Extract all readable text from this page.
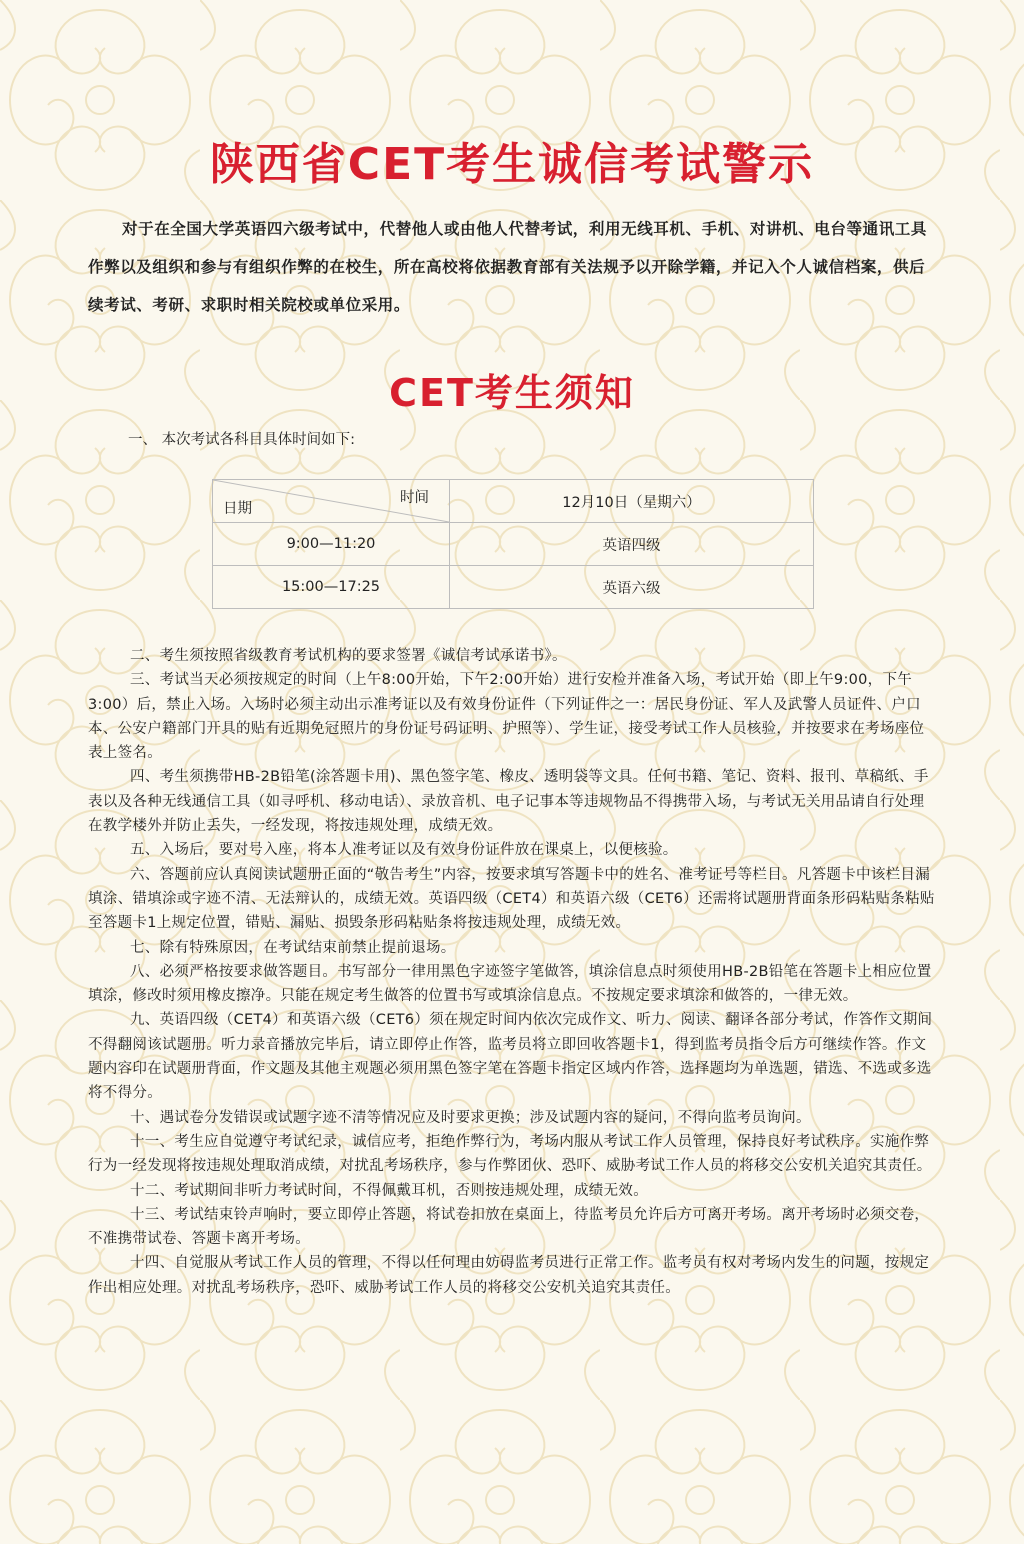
陕西省CET考生诚信考试警示

对于在全国大学英语四六级考试中，代替他人或由他人代替考试，利用无线耳机、手机、对讲机、电台等通讯工具作弊以及组织和参与有组织作弊的在校生，所在高校将依据教育部有关法规予以开除学籍，并记入个人诚信档案，供后续考试、考研、求职时相关院校或单位采用。

CET考生须知
一、 本次考试各科目具体时间如下:
时间
日期	12月10日（星期六）
9:00—11:20	英语四级
15:00—17:25	英语六级

二、考生须按照省级教育考试机构的要求签署《诚信考试承诺书》。

三、考试当天必须按规定的时间（上午8:00开始，下午2:00开始）进行安检并准备入场，考试开始（即上午9:00，下午3:00）后，禁止入场。入场时必须主动出示准考证以及有效身份证件（下列证件之一：居民身份证、军人及武警人员证件、户口本、公安户籍部门开具的贴有近期免冠照片的身份证号码证明、护照等）、学生证，接受考试工作人员核验，并按要求在考场座位表上签名。

四、考生须携带HB-2B铅笔(涂答题卡用)、黑色签字笔、橡皮、透明袋等文具。任何书籍、笔记、资料、报刊、草稿纸、手表以及各种无线通信工具（如寻呼机、移动电话）、录放音机、电子记事本等违规物品不得携带入场，与考试无关用品请自行处理在教学楼外并防止丢失，一经发现，将按违规处理，成绩无效。

五、入场后，要对号入座，将本人准考证以及有效身份证件放在课桌上，以便核验。

六、答题前应认真阅读试题册正面的“敬告考生”内容，按要求填写答题卡中的姓名、准考证号等栏目。凡答题卡中该栏目漏填涂、错填涂或字迹不清、无法辩认的，成绩无效。英语四级（CET4）和英语六级（CET6）还需将试题册背面条形码粘贴条粘贴至答题卡1上规定位置，错贴、漏贴、损毁条形码粘贴条将按违规处理，成绩无效。

七、除有特殊原因，在考试结束前禁止提前退场。

八、必须严格按要求做答题目。书写部分一律用黑色字迹签字笔做答，填涂信息点时须使用HB-2B铅笔在答题卡上相应位置填涂，修改时须用橡皮擦净。只能在规定考生做答的位置书写或填涂信息点。不按规定要求填涂和做答的，一律无效。

九、英语四级（CET4）和英语六级（CET6）须在规定时间内依次完成作文、听力、阅读、翻译各部分考试，作答作文期间不得翻阅该试题册。听力录音播放完毕后，请立即停止作答，监考员将立即回收答题卡1，得到监考员指令后方可继续作答。作文题内容印在试题册背面，作文题及其他主观题必须用黑色签字笔在答题卡指定区域内作答，选择题均为单选题，错选、不选或多选将不得分。

十、遇试卷分发错误或试题字迹不清等情况应及时要求更换；涉及试题内容的疑问，不得向监考员询问。

十一、考生应自觉遵守考试纪录，诚信应考，拒绝作弊行为，考场内服从考试工作人员管理，保持良好考试秩序。实施作弊行为一经发现将按违规处理取消成绩，对扰乱考场秩序，参与作弊团伙、恐吓、威胁考试工作人员的将移交公安机关追究其责任。

十二、考试期间非听力考试时间，不得佩戴耳机，否则按违规处理，成绩无效。

十三、考试结束铃声响时，要立即停止答题，将试卷扣放在桌面上，待监考员允许后方可离开考场。离开考场时必须交卷，不准携带试卷、答题卡离开考场。

十四、自觉服从考试工作人员的管理，不得以任何理由妨碍监考员进行正常工作。监考员有权对考场内发生的问题，按规定作出相应处理。对扰乱考场秩序，恐吓、威胁考试工作人员的将移交公安机关追究其责任。
